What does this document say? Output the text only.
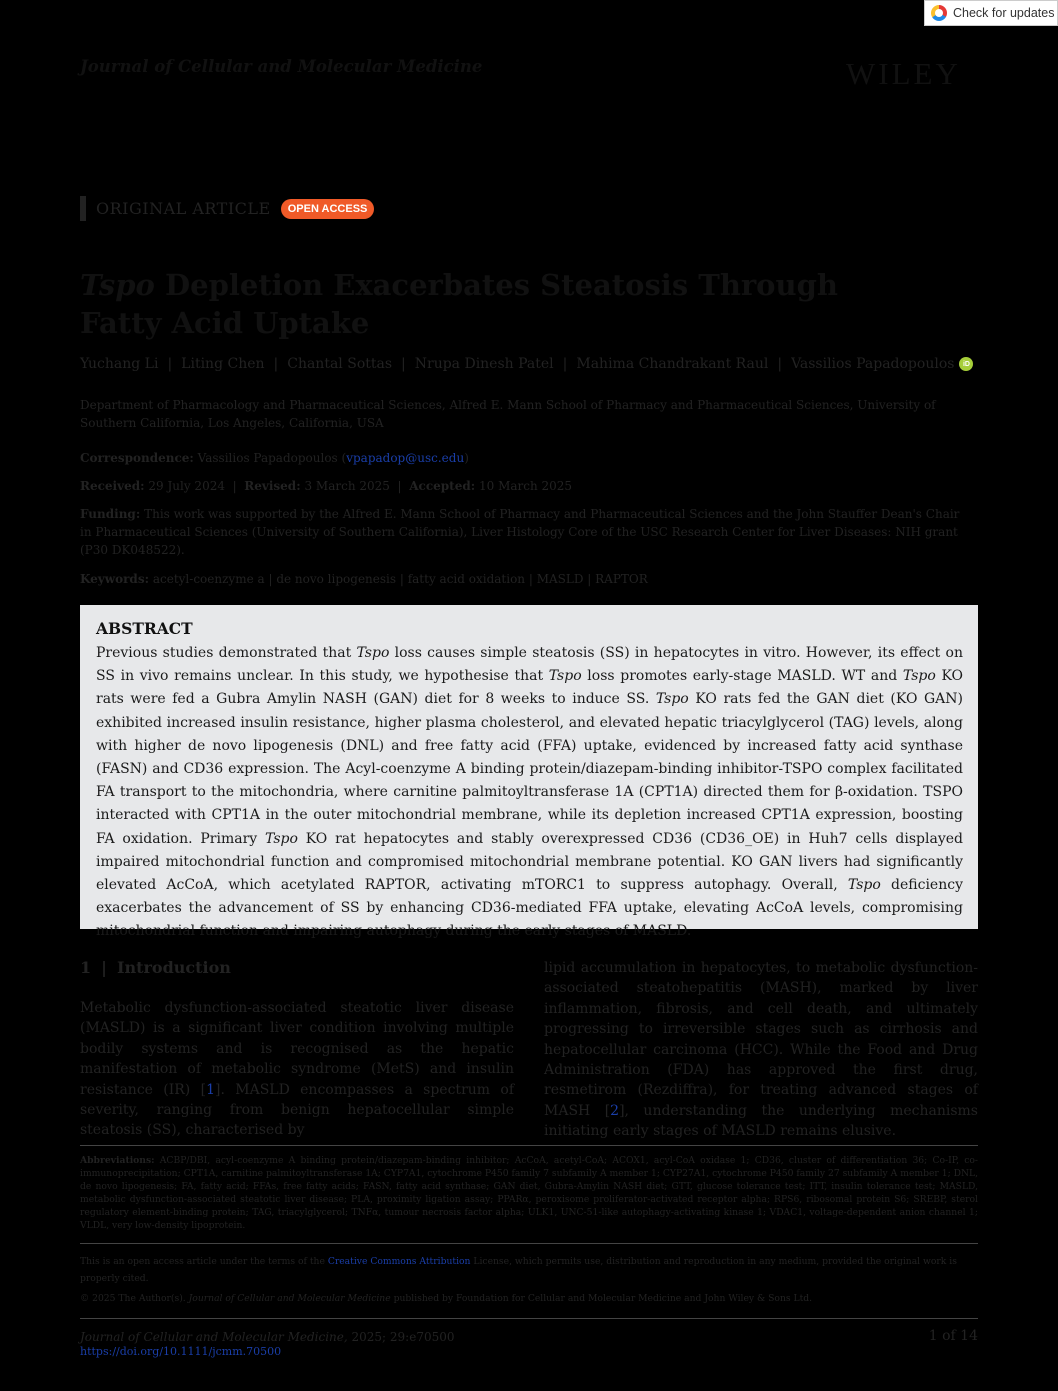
Check for updates
Journal of Cellular and Molecular Medicine	WILEY
ORIGINAL ARTICLE	OPEN ACCESS
Tspo Depletion Exacerbates Steatosis Through Fatty Acid Uptake
Yuchang Li | Liting Chen | Chantal Sottas | Nrupa Dinesh Patel | Mahima Chandrakant Raul | Vassilios Papadopoulos	iD
Department of Pharmacology and Pharmaceutical Sciences, Alfred E. Mann School of Pharmacy and Pharmaceutical Sciences, University of Southern California, Los Angeles, California, USA
Correspondence: Vassilios Papadopoulos (vpapadop@usc.edu)
Received: 29 July 2024  |  Revised: 3 March 2025  |  Accepted: 10 March 2025
Funding: This work was supported by the Alfred E. Mann School of Pharmacy and Pharmaceutical Sciences and the John Stauffer Dean's Chair in Pharmaceutical Sciences (University of Southern California), Liver Histology Core of the USC Research Center for Liver Diseases: NIH grant (P30 DK048522).
Keywords: acetyl-coenzyme a | de novo lipogenesis | fatty acid oxidation | MASLD | RAPTOR

ABSTRACT

Previous studies demonstrated that Tspo loss causes simple steatosis (SS) in hepatocytes in vitro. However, its effect on SS in vivo remains unclear. In this study, we hypothesise that Tspo loss promotes early-stage MASLD. WT and Tspo KO rats were fed a Gubra Amylin NASH (GAN) diet for 8 weeks to induce SS. Tspo KO rats fed the GAN diet (KO GAN) exhibited increased insulin resistance, higher plasma cholesterol, and elevated hepatic triacylglycerol (TAG) levels, along with higher de novo lipogenesis (DNL) and free fatty acid (FFA) uptake, evidenced by increased fatty acid synthase (FASN) and CD36 expression. The Acyl-coenzyme A binding protein/diazepam-binding inhibitor-TSPO complex facilitated FA transport to the mitochondria, where carnitine palmitoyltransferase 1A (CPT1A) directed them for β-oxidation. TSPO interacted with CPT1A in the outer mitochondrial membrane, while its depletion increased CPT1A expression, boosting FA oxidation. Primary Tspo KO rat hepatocytes and stably overexpressed CD36 (CD36_OE) in Huh7 cells displayed impaired mitochondrial function and compromised mitochondrial membrane potential. KO GAN livers had significantly elevated AcCoA, which acetylated RAPTOR, activating mTORC1 to suppress autophagy. Overall, Tspo deficiency exacerbates the advancement of SS by enhancing CD36-mediated FFA uptake, elevating AcCoA levels, compromising mitochondrial function and impairing autophagy during the early stages of MASLD.

1 | Introduction

Metabolic dysfunction-associated steatotic liver disease (MASLD) is a significant liver condition involving multiple bodily systems and is recognised as the hepatic manifestation of metabolic syndrome (MetS) and insulin resistance (IR) [1]. MASLD encompasses a spectrum of severity, ranging from benign hepatocellular simple steatosis (SS), characterised by

lipid accumulation in hepatocytes, to metabolic dysfunction-associated steatohepatitis (MASH), marked by liver inflammation, fibrosis, and cell death, and ultimately progressing to irreversible stages such as cirrhosis and hepatocellular carcinoma (HCC). While the Food and Drug Administration (FDA) has approved the first drug, resmetirom (Rezdiffra), for treating advanced stages of MASH [2], understanding the underlying mechanisms initiating early stages of MASLD remains elusive.

Abbreviations: ACBP/DBI, acyl-coenzyme A binding protein/diazepam-binding inhibitor; AcCoA, acetyl-CoA; ACOX1, acyl-CoA oxidase 1; CD36, cluster of differentiation 36; Co-IP, co-immunoprecipitation; CPT1A, carnitine palmitoyltransferase 1A; CYP7A1, cytochrome P450 family 7 subfamily A member 1; CYP27A1, cytochrome P450 family 27 subfamily A member 1; DNL, de novo lipogenesis; FA, fatty acid; FFAs, free fatty acids; FASN, fatty acid synthase; GAN diet, Gubra-Amylin NASH diet; GTT, glucose tolerance test; ITT, insulin tolerance test; MASLD, metabolic dysfunction-associated steatotic liver disease; PLA, proximity ligation assay; PPARα, peroxisome proliferator-activated receptor alpha; RPS6, ribosomal protein S6; SREBP, sterol regulatory element-binding protein; TAG, triacylglycerol; TNFα, tumour necrosis factor alpha; ULK1, UNC-51-like autophagy-activating kinase 1; VDAC1, voltage-dependent anion channel 1; VLDL, very low-density lipoprotein.
This is an open access article under the terms of the Creative Commons Attribution License, which permits use, distribution and reproduction in any medium, provided the original work is properly cited.
© 2025 The Author(s). Journal of Cellular and Molecular Medicine published by Foundation for Cellular and Molecular Medicine and John Wiley & Sons Ltd.
Journal of Cellular and Molecular Medicine, 2025; 29:e70500
https://doi.org/10.1111/jcmm.70500
1 of 14
